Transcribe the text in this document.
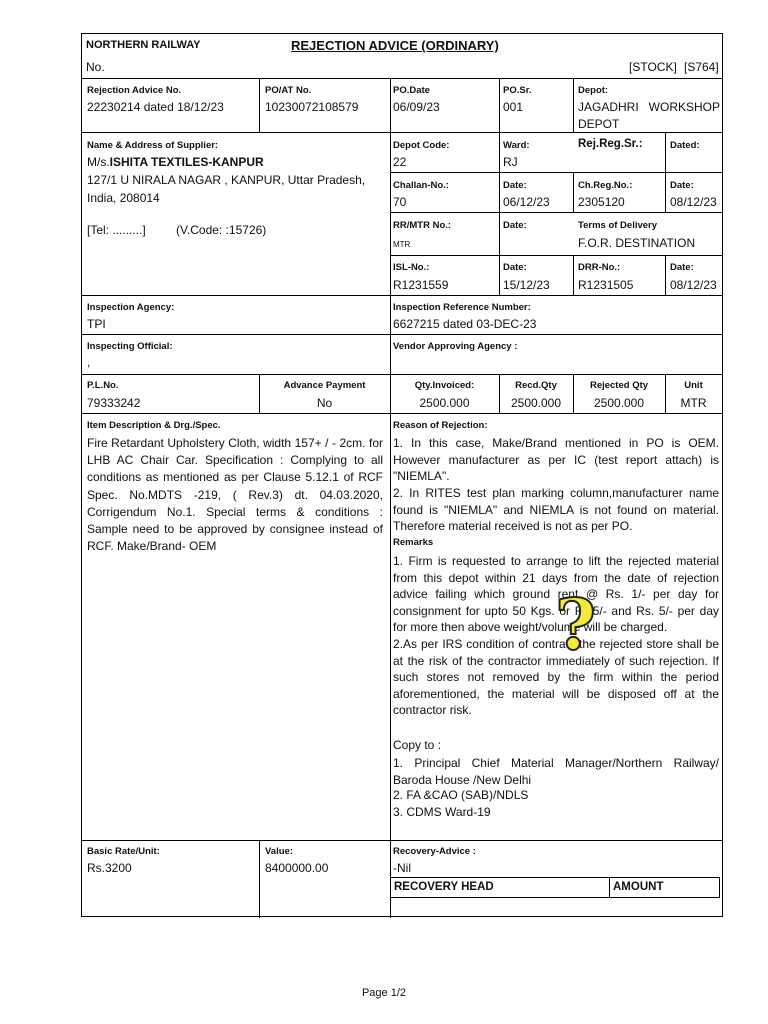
NORTHERN RAILWAY	REJECTION ADVICE (ORDINARY)
No.	[STOCK] [S764]
Rejection Advice No.
22230214 dated 18/12/23
PO/AT No.
10230072108579
PO.Date
06/09/23
PO.Sr.
001
Depot:
JAGADHRI   WORKSHOP
DEPOT
Name & Address of Supplier:
M/s.ISHITA TEXTILES-KANPUR
127/1 U NIRALA NAGAR , KANPUR, Uttar Pradesh,
India, 208014
[Tel: .........]	(V.Code: :15726)
Depot Code:
22
Ward:
RJ
Rej.Reg.Sr.:	Dated:
Challan-No.:
70
Date:
06/12/23
Ch.Reg.No.:
2305120
Date:
08/12/23
RR/MTR No.:
MTR
Date:	Terms of Delivery
F.O.R. DESTINATION
ISL-No.:
R1231559
Date:
15/12/23
DRR-No.:
R1231505
Date:
08/12/23
Inspection Agency:
TPI
Inspection Reference Number:
6627215 dated 03-DEC-23
Inspecting Official:
,
Vendor Approving Agency :
P.L.No.
79333242
Advance Payment
No
Qty.Invoiced:
2500.000
Recd.Qty
2500.000
Rejected Qty
2500.000
Unit
MTR
Item Description & Drg./Spec.
Fire Retardant Upholstery Cloth, width 157+ / - 2cm. for LHB AC Chair Car. Specification : Complying to all conditions as mentioned as per Clause 5.12.1 of RCF Spec. No.MDTS -219, ( Rev.3) dt. 04.03.2020, Corrigendum No.1. Special terms & conditions : Sample need to be approved by consignee instead of RCF. Make/Brand- OEM
Reason of Rejection:
1. In this case, Make/Brand mentioned in PO is OEM. However manufacturer as per IC (test report attach) is "NIEMLA".
2. In RITES test plan marking column,manufacturer name found is "NIEMLA" and NIEMLA is not found on material. Therefore material received is not as per PO.
Remarks
1. Firm is requested to arrange to lift the rejected material from this depot within 21 days from the date of rejection advice failing which ground rent @ Rs. 1/- per day for consignment for upto 50 Kgs. or Rs.5/- and Rs. 5/- per day for more then above weight/volume will be charged.
2.As per IRS condition of contract the rejected store shall be at the risk of the contractor immediately of such rejection. If such stores not removed by the firm within the period aforementioned, the material will be disposed off at the contractor risk.
Copy to :
1. Principal Chief Material Manager/Northern Railway/ Baroda House /New Delhi
2. FA &CAO (SAB)/NDLS
3. CDMS Ward-19
Basic Rate/Unit:
Rs.3200
Value:
8400000.00
Recovery-Advice :
-Nil
RECOVERY HEAD	AMOUNT
?
Page 1/2
